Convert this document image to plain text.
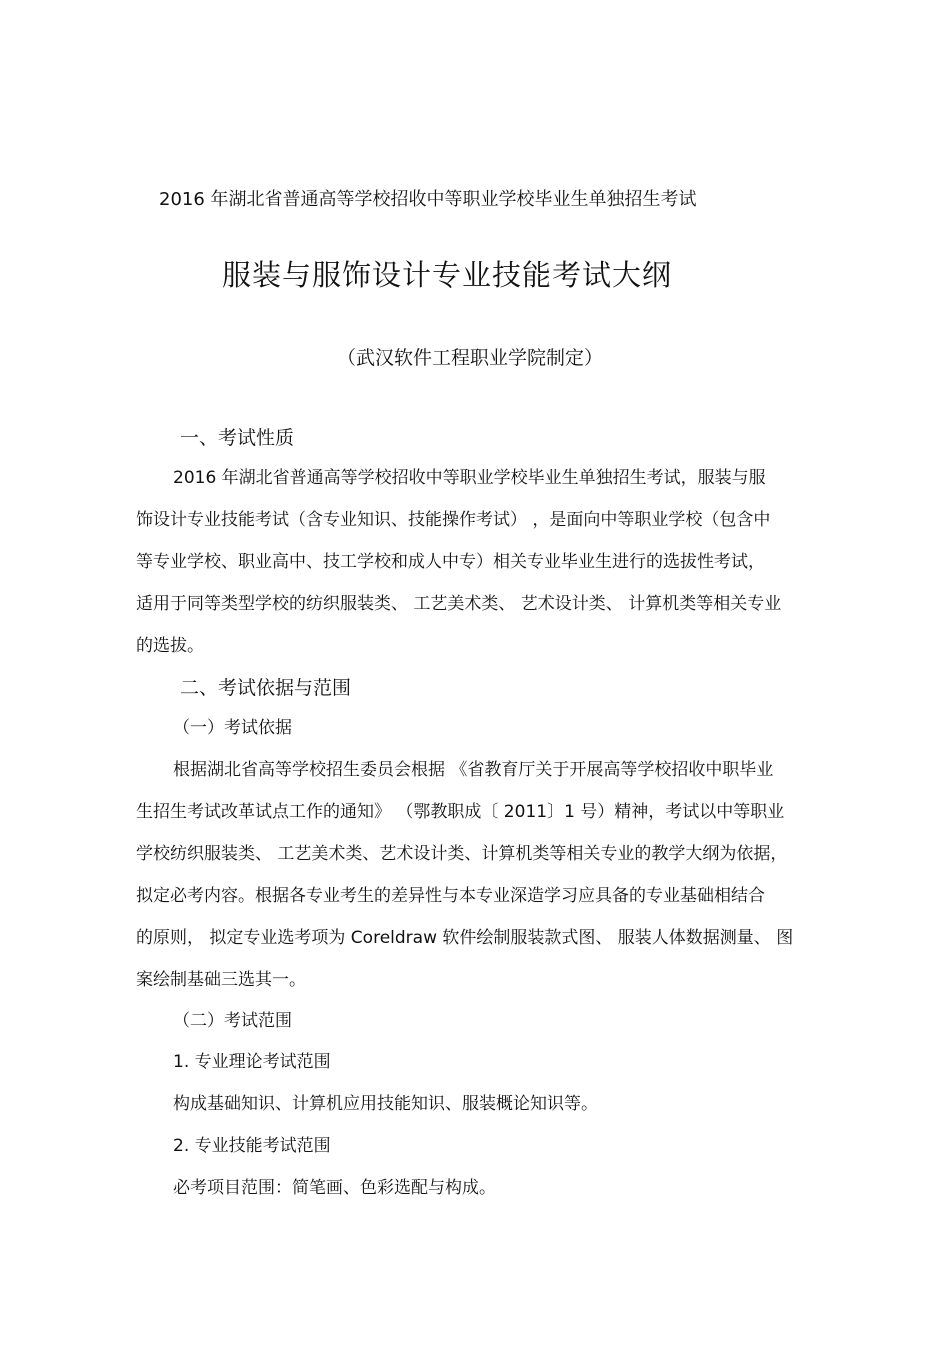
2016 年湖北省普通高等学校招收中等职业学校毕业生单独招生考试
服装与服饰设计专业技能考试大纲
（武汉软件工程职业学院制定）
一、考试性质
2016 年湖北省普通高等学校招收中等职业学校毕业生单独招生考试，服装与服
饰设计专业技能考试（含专业知识、技能操作考试） ，是面向中等职业学校（包含中
等专业学校、职业高中、技工学校和成人中专）相关专业毕业生进行的选拔性考试，
适用于同等类型学校的纺织服装类、 工艺美术类、 艺术设计类、 计算机类等相关专业
的选拔。
二、考试依据与范围
（一）考试依据
根据湖北省高等学校招生委员会根据 《省教育厅关于开展高等学校招收中职毕业
生招生考试改革试点工作的通知》 （鄂教职成〔 2011〕1 号）精神，考试以中等职业
学校纺织服装类、 工艺美术类、艺术设计类、计算机类等相关专业的教学大纲为依据，
拟定必考内容。根据各专业考生的差异性与本专业深造学习应具备的专业基础相结合
的原则， 拟定专业选考项为 Coreldraw 软件绘制服装款式图、 服装人体数据测量、 图
案绘制基础三选其一。
（二）考试范围
1. 专业理论考试范围
构成基础知识、计算机应用技能知识、服装概论知识等。
2. 专业技能考试范围
必考项目范围：简笔画、色彩选配与构成。
